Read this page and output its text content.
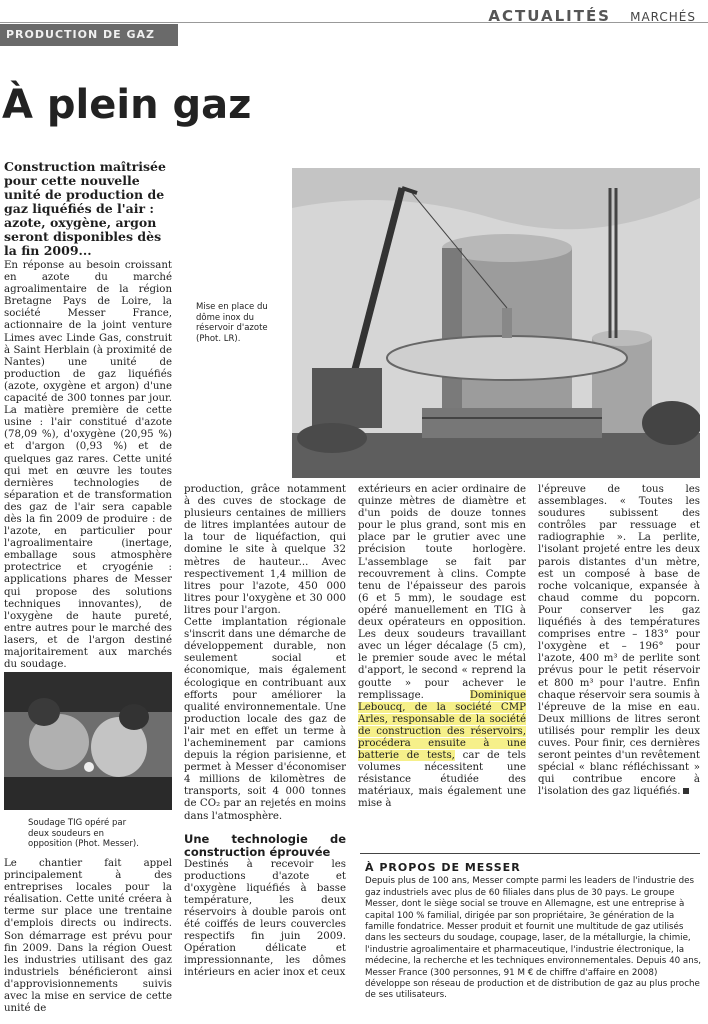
ACTUALITÉS MARCHÉS
PRODUCTION DE GAZ
À plein gaz

Construction maîtrisée pour cette nouvelle unité de production de gaz liquéfiés de l'air : azote, oxygène, argon seront disponibles dès la fin 2009...

Mise en place du dôme inox du réservoir d'azote (Phot. LR).

En réponse au besoin croissant en azote du marché agroalimentaire de la région Bretagne Pays de Loire, la société Messer France, actionnaire de la joint venture Limes avec Linde Gas, construit à Saint Herblain (à proximité de Nantes) une unité de production de gaz liquéfiés (azote, oxygène et argon) d'une capacité de 300 tonnes par jour. La matière première de cette usine : l'air constitué d'azote (78,09 %), d'oxygène (20,95 %) et d'argon (0,93 %) et de quelques gaz rares. Cette unité qui met en œuvre les toutes dernières technologies de séparation et de transformation des gaz de l'air sera capable dès la fin 2009 de produire : de l'azote, en particulier pour l'agroalimentaire (inertage, emballage sous atmosphère protectrice et cryogénie : applications phares de Messer qui propose des solutions techniques innovantes), de l'oxygène de haute pureté, entre autres pour le marché des lasers, et de l'argon destiné majoritairement aux marchés du soudage.

Soudage TIG opéré par deux soudeurs en opposition (Phot. Messer).

Le chantier fait appel principalement à des entreprises locales pour la réalisation. Cette unité créera à terme sur place une trentaine d'emplois directs ou indirects. Son démarrage est prévu pour fin 2009. Dans la région Ouest les industries utilisant des gaz industriels bénéficieront ainsi d'approvisionnements suivis avec la mise en service de cette unité de

production, grâce notamment à des cuves de stockage de plusieurs centaines de milliers de litres implantées autour de la tour de liquéfaction, qui domine le site à quelque 32 mètres de hauteur... Avec respectivement 1,4 million de litres pour l'azote, 450 000 litres pour l'oxygène et 30 000 litres pour l'argon.

Cette implantation régionale s'inscrit dans une démarche de développement durable, non seulement social et économique, mais également écologique en contribuant aux efforts pour améliorer la qualité environnementale. Une production locale des gaz de l'air met en effet un terme à l'acheminement par camions depuis la région parisienne, et permet à Messer d'économiser 4 millions de kilomètres de transports, soit 4 000 tonnes de CO₂ par an rejetés en moins dans l'atmosphère.

Une technologie de construction éprouvée

Destinés à recevoir les productions d'azote et d'oxygène liquéfiés à basse température, les deux réservoirs à double parois ont été coiffés de leurs couvercles respectifs fin juin 2009. Opération délicate et impressionnante, les dômes intérieurs en acier inox et ceux

extérieurs en acier ordinaire de quinze mètres de diamètre et d'un poids de douze tonnes pour le plus grand, sont mis en place par le grutier avec une précision toute horlogère. L'assemblage se fait par recouvrement à clins. Compte tenu de l'épaisseur des parois (6 et 5 mm), le soudage est opéré manuellement en TIG à deux opérateurs en opposition. Les deux soudeurs travaillant avec un léger décalage (5 cm), le premier soude avec le métal d'apport, le second « reprend la goutte » pour achever le remplissage.	Dominique Leboucq, de la société CMP Arles, responsable de la société de construction des réservoirs, procédera ensuite à une batterie de tests, car de tels volumes nécessitent une résistance étudiée des matériaux, mais également une mise à

l'épreuve de tous les assemblages. « Toutes les soudures subissent des contrôles par ressuage et radiographie ». La perlite, l'isolant projeté entre les deux parois distantes d'un mètre, est un composé à base de roche volcanique, expansée à chaud comme du popcorn. Pour conserver les gaz liquéfiés à des températures comprises entre – 183° pour l'oxygène et – 196° pour l'azote, 400 m³ de perlite sont prévus pour le petit réservoir et 800 m³ pour l'autre. Enfin chaque réservoir sera soumis à l'épreuve de la mise en eau. Deux millions de litres seront utilisés pour remplir les deux cuves. Pour finir, ces dernières seront peintes d'un revêtement spécial « blanc réfléchissant » qui contribue encore à l'isolation des gaz liquéfiés.

À PROPOS DE MESSER
Depuis plus de 100 ans, Messer compte parmi les leaders de l'industrie des gaz industriels avec plus de 60 filiales dans plus de 30 pays. Le groupe Messer, dont le siège social se trouve en Allemagne, est une entreprise à capital 100 % familial, dirigée par son propriétaire, 3e génération de la famille fondatrice. Messer produit et fournit une multitude de gaz utilisés dans les secteurs du soudage, coupage, laser, de la métallurgie, la chimie, l'industrie agroalimentaire et pharmaceutique, l'industrie électronique, la médecine, la recherche et les techniques environnementales. Depuis 40 ans, Messer France (300 personnes, 91 M € de chiffre d'affaire en 2008) développe son réseau de production et de distribution de gaz au plus proche de ses utilisateurs.
